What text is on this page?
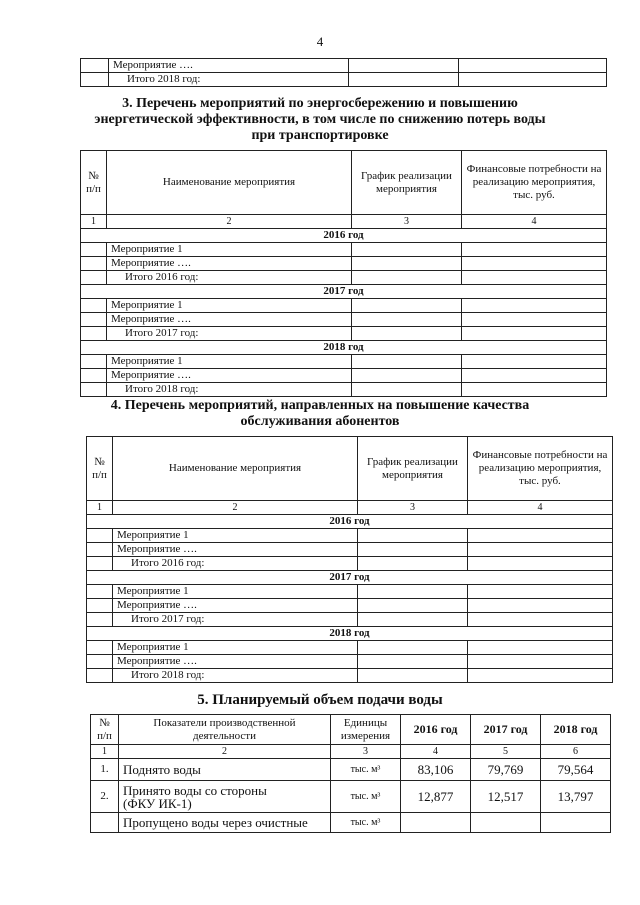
4
	Мероприятие ….		
	Итого 2018 год:		
3. Перечень мероприятий по энергосбережению и повышению
энергетической эффективности, в том числе по снижению потерь воды
при транспортировке
№ п/п	Наименование мероприятия	График реализации мероприятия	Финансовые потребности на реализацию мероприятия, тыс. руб.
1	2	3	4
2016 год			
	Мероприятие 1		
	Мероприятие ….		
	Итого 2016 год:		
2017 год			
	Мероприятие 1		
	Мероприятие ….		
	Итого 2017 год:		
2018 год			
	Мероприятие 1		
	Мероприятие ….		
	Итого 2018 год:		
4. Перечень мероприятий, направленных на повышение качества
обслуживания абонентов
№ п/п	Наименование мероприятия	График реализации мероприятия	Финансовые потребности на реализацию мероприятия, тыс. руб.
1	2	3	4
2016 год			
	Мероприятие 1		
	Мероприятие ….		
	Итого 2016 год:		
2017 год			
	Мероприятие 1		
	Мероприятие ….		
	Итого 2017 год:		
2018 год			
	Мероприятие 1		
	Мероприятие ….		
	Итого 2018 год:		
5. Планируемый объем подачи воды
№ п/п	Показатели производственной деятельности	Единицы измерения	2016 год	2017 год	2018 год
1	2	3	4	5	6
1.	Поднято воды	тыс. м³	83,106	79,769	79,564
2.	Принято воды со стороны
(ФКУ ИК-1)	тыс. м³	12,877	12,517	13,797
	Пропущено воды через очистные	тыс. м³			
